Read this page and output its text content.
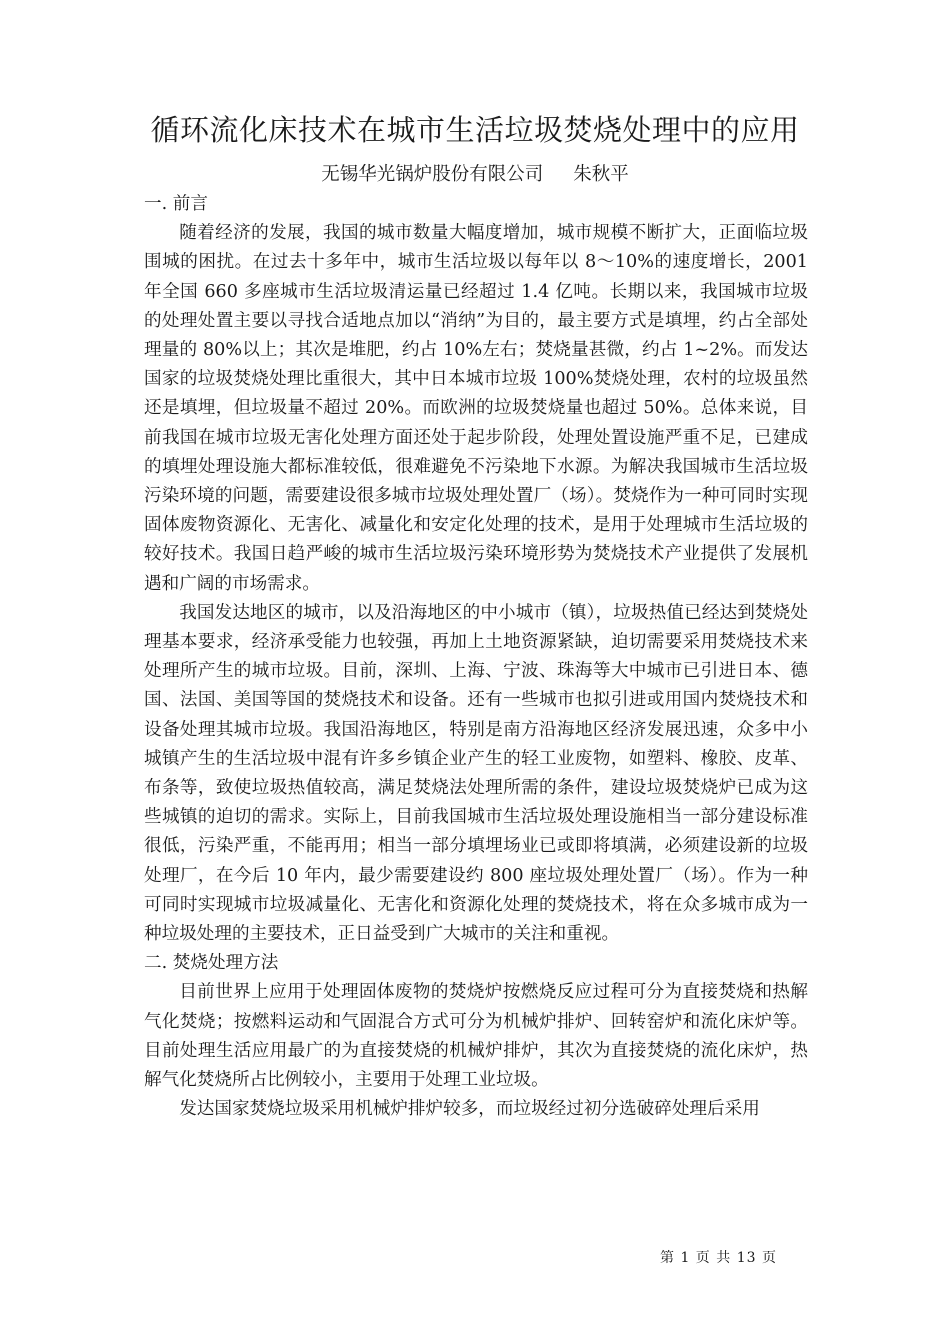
循环流化床技术在城市生活垃圾焚烧处理中的应用
无锡华光锅炉股份有限公司 朱秋平

一. 前言

随着经济的发展，我国的城市数量大幅度增加，城市规模不断扩大，正面临垃圾围城的困扰。在过去十多年中，城市生活垃圾以每年以 8～10%的速度增长，2001 年全国 660 多座城市生活垃圾清运量已经超过 1.4 亿吨。长期以来，我国城市垃圾的处理处置主要以寻找合适地点加以“消纳”为目的，最主要方式是填埋，约占全部处理量的 80%以上；其次是堆肥，约占 10%左右；焚烧量甚微，约占 1~2%。而发达国家的垃圾焚烧处理比重很大，其中日本城市垃圾 100%焚烧处理，农村的垃圾虽然还是填埋，但垃圾量不超过 20%。而欧洲的垃圾焚烧量也超过 50%。总体来说，目前我国在城市垃圾无害化处理方面还处于起步阶段，处理处置设施严重不足，已建成的填埋处理设施大都标准较低，很难避免不污染地下水源。为解决我国城市生活垃圾污染环境的问题，需要建设很多城市垃圾处理处置厂（场）。焚烧作为一种可同时实现固体废物资源化、无害化、减量化和安定化处理的技术，是用于处理城市生活垃圾的较好技术。我国日趋严峻的城市生活垃圾污染环境形势为焚烧技术产业提供了发展机遇和广阔的市场需求。

我国发达地区的城市，以及沿海地区的中小城市（镇），垃圾热值已经达到焚烧处理基本要求，经济承受能力也较强，再加上土地资源紧缺，迫切需要采用焚烧技术来处理所产生的城市垃圾。目前，深圳、上海、宁波、珠海等大中城市已引进日本、德国、法国、美国等国的焚烧技术和设备。还有一些城市也拟引进或用国内焚烧技术和设备处理其城市垃圾。我国沿海地区，特别是南方沿海地区经济发展迅速，众多中小城镇产生的生活垃圾中混有许多乡镇企业产生的轻工业废物，如塑料、橡胶、皮革、布条等，致使垃圾热值较高，满足焚烧法处理所需的条件，建设垃圾焚烧炉已成为这些城镇的迫切的需求。实际上，目前我国城市生活垃圾处理设施相当一部分建设标准很低，污染严重，不能再用；相当一部分填埋场业已或即将填满，必须建设新的垃圾处理厂，在今后 10 年内，最少需要建设约 800 座垃圾处理处置厂（场）。作为一种可同时实现城市垃圾减量化、无害化和资源化处理的焚烧技术，将在众多城市成为一种垃圾处理的主要技术，正日益受到广大城市的关注和重视。

二. 焚烧处理方法

目前世界上应用于处理固体废物的焚烧炉按燃烧反应过程可分为直接焚烧和热解气化焚烧；按燃料运动和气固混合方式可分为机械炉排炉、回转窑炉和流化床炉等。目前处理生活应用最广的为直接焚烧的机械炉排炉，其次为直接焚烧的流化床炉，热解气化焚烧所占比例较小，主要用于处理工业垃圾。

发达国家焚烧垃圾采用机械炉排炉较多，而垃圾经过初分选破碎处理后采用

第 1 页 共 13 页
